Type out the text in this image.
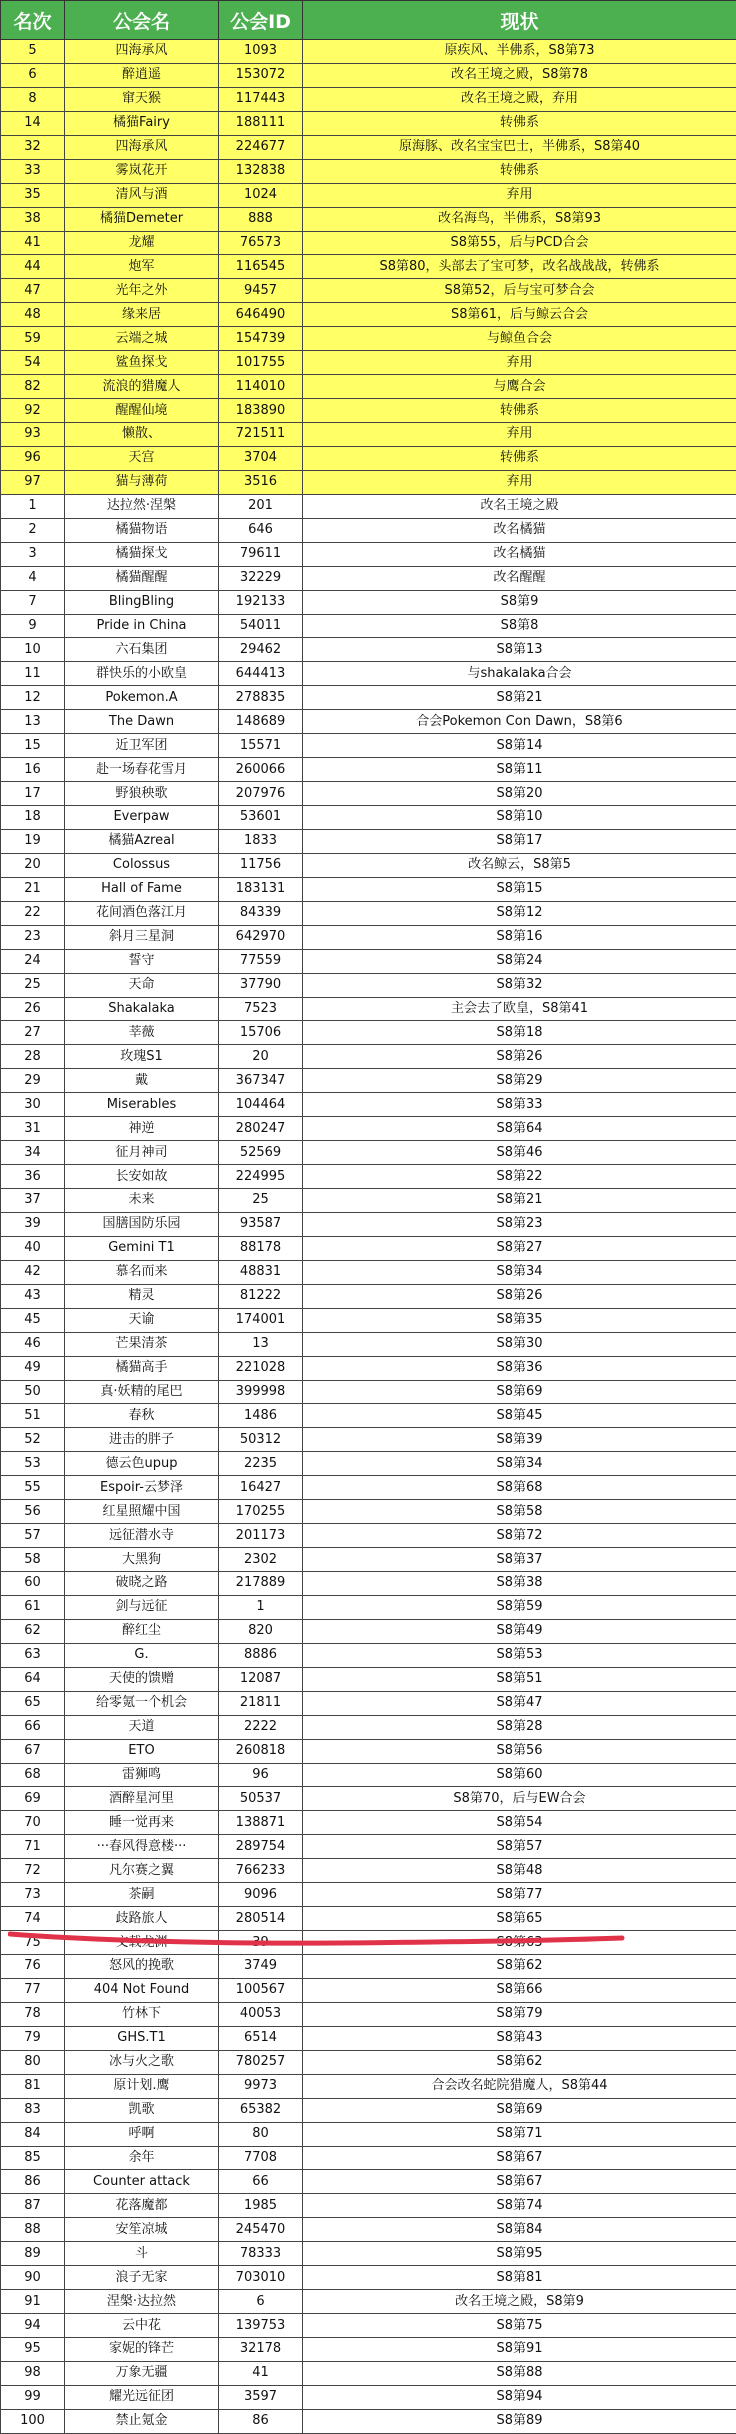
名次	公会名	公会ID	现状
5	四海承风	1093	原疾风、半佛系，S8第73
6	醉逍遥	153072	改名王境之殿，S8第78
8	窜天猴	117443	改名王境之殿，弃用
14	橘猫Fairy	188111	转佛系
32	四海承风	224677	原海豚、改名宝宝巴士，半佛系，S8第40
33	雾岚花开	132838	转佛系
35	清风与酒	1024	弃用
38	橘猫Demeter	888	改名海鸟，半佛系，S8第93
41	龙耀	76573	S8第55，后与PCD合会
44	炮军	116545	S8第80，头部去了宝可梦，改名战战战，转佛系
47	光年之外	9457	S8第52，后与宝可梦合会
48	缘来居	646490	S8第61，后与鲸云合会
59	云端之城	154739	与鲸鱼合会
54	鲨鱼探戈	101755	弃用
82	流浪的猎魔人	114010	与鹰合会
92	醒醒仙境	183890	转佛系
93	懒散、	721511	弃用
96	天宫	3704	转佛系
97	猫与薄荷	3516	弃用
1	达拉然·涅槃	201	改名王境之殿
2	橘猫物语	646	改名橘猫
3	橘猫探戈	79611	改名橘猫
4	橘猫醒醒	32229	改名醒醒
7	BlingBling	192133	S8第9
9	Pride in China	54011	S8第8
10	六石集团	29462	S8第13
11	群快乐的小欧皇	644413	与shakalaka合会
12	Pokemon.A	278835	S8第21
13	The Dawn	148689	合会Pokemon Con Dawn，S8第6
15	近卫军团	15571	S8第14
16	赴一场春花雪月	260066	S8第11
17	野狼秧歌	207976	S8第20
18	Everpaw	53601	S8第10
19	橘猫Azreal	1833	S8第17
20	Colossus	11756	改名鲸云，S8第5
21	Hall of Fame	183131	S8第15
22	花间酒色落江月	84339	S8第12
23	斜月三星洞	642970	S8第16
24	誓守	77559	S8第24
25	天命	37790	S8第32
26	Shakalaka	7523	主会去了欧皇，S8第41
27	莘薇	15706	S8第18
28	玫瑰S1	20	S8第26
29	戴	367347	S8第29
30	Miserables	104464	S8第33
31	神逆	280247	S8第64
34	征月神司	52569	S8第46
36	长安如故	224995	S8第22
37	未来	25	S8第21
39	国膳国防乐园	93587	S8第23
40	Gemini T1	88178	S8第27
42	慕名而来	48831	S8第34
43	精灵	81222	S8第26
45	天谕	174001	S8第35
46	芒果清茶	13	S8第30
49	橘猫高手	221028	S8第36
50	真·妖精的尾巴	399998	S8第69
51	春秋	1486	S8第45
52	进击的胖子	50312	S8第39
53	德云色upup	2235	S8第34
55	Espoir-云梦泽	16427	S8第68
56	红星照耀中国	170255	S8第58
57	远征潜水寺	201173	S8第72
58	大黑狗	2302	S8第37
60	破晓之路	217889	S8第38
61	剑与远征	1	S8第59
62	醉红尘	820	S8第49
63	G.	8886	S8第53
64	天使的馈赠	12087	S8第51
65	给零氪一个机会	21811	S8第47
66	天道	2222	S8第28
67	ETO	260818	S8第56
68	雷狮鸣	96	S8第60
69	酒醉星河里	50537	S8第70，后与EW合会
70	睡一觉再来	138871	S8第54
71	···春风得意楼···	289754	S8第57
72	凡尔赛之翼	766233	S8第48
73	茶嗣	9096	S8第77
74	歧路旅人	280514	S8第65
75	文载龙渊	39	S8第63
76	怒风的挽歌	3749	S8第62
77	404 Not Found	100567	S8第66
78	竹林下	40053	S8第79
79	GHS.T1	6514	S8第43
80	冰与火之歌	780257	S8第62
81	原计划.鹰	9973	合会改名蛇院猎魔人，S8第44
83	凯歌	65382	S8第69
84	呼啊	80	S8第71
85	余年	7708	S8第67
86	Counter attack	66	S8第67
87	花落魔都	1985	S8第74
88	安笙凉城	245470	S8第84
89	斗	78333	S8第95
90	浪子无家	703010	S8第81
91	涅槃·达拉然	6	改名王境之殿，S8第9
94	云中花	139753	S8第75
95	家妮的锋芒	32178	S8第91
98	万象无疆	41	S8第88
99	耀光远征团	3597	S8第94
100	禁止氪金	86	S8第89
